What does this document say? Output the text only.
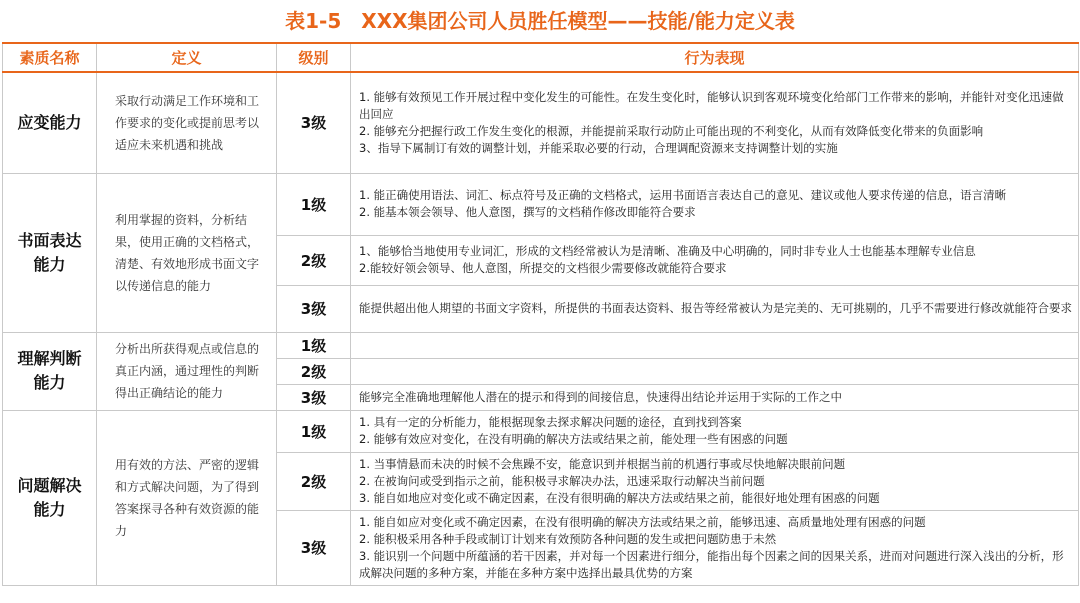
表1-5　XXX集团公司人员胜任模型——技能/能力定义表
素质名称	定义	级别	行为表现
应变能力	采取行动满足工作环境和工作要求的变化或提前思考以适应未来机遇和挑战	3级	1. 能够有效预见工作开展过程中变化发生的可能性。在发生变化时，能够认识到客观环境变化给部门工作带来的影响，并能针对变化迅速做出回应
2. 能够充分把握行政工作发生变化的根源，并能提前采取行动防止可能出现的不利变化，从而有效降低变化带来的负面影响
3、指导下属制订有效的调整计划，并能采取必要的行动，合理调配资源来支持调整计划的实施

书面表达能力	利用掌握的资料，分析结果，使用正确的文档格式，清楚、有效地形成书面文字以传递信息的能力	1级	1. 能正确使用语法、词汇、标点符号及正确的文档格式，运用书面语言表达自己的意见、建议或他人要求传递的信息，语言清晰
2. 能基本领会领导、他人意图，撰写的文档稍作修改即能符合要求

		2级	1、能够恰当地使用专业词汇，形成的文档经常被认为是清晰、准确及中心明确的，同时非专业人士也能基本理解专业信息
2.能较好领会领导、他人意图，所提交的文档很少需要修改就能符合要求

		3级	能提供超出他人期望的书面文字资料，所提供的书面表达资料、报告等经常被认为是完美的、无可挑剔的，几乎不需要进行修改就能符合要求

理解判断能力	分析出所获得观点或信息的真正内涵，通过理性的判断得出正确结论的能力	1级	
		2级	
		3级	能够完全准确地理解他人潜在的提示和得到的间接信息，快速得出结论并运用于实际的工作之中

问题解决能力	用有效的方法、严密的逻辑和方式解决问题，为了得到答案探寻各种有效资源的能力	1级	1. 具有一定的分析能力，能根据现象去探求解决问题的途径，直到找到答案
2. 能够有效应对变化，在没有明确的解决方法或结果之前，能处理一些有困惑的问题

		2级	1. 当事情悬而未决的时候不会焦躁不安，能意识到并根据当前的机遇行事或尽快地解决眼前问题
2. 在被询问或受到指示之前，能积极寻求解决办法，迅速采取行动解决当前问题
3. 能自如地应对变化或不确定因素，在没有很明确的解决方法或结果之前，能很好地处理有困惑的问题

		3级	1. 能自如应对变化或不确定因素，在没有很明确的解决方法或结果之前，能够迅速、高质量地处理有困惑的问题
2. 能积极采用各种手段或制订计划来有效预防各种问题的发生或把问题防患于未然
3. 能识别一个问题中所蕴涵的若干因素，并对每一个因素进行细分，能指出每个因素之间的因果关系，进而对问题进行深入浅出的分析，形成解决问题的多种方案，并能在多种方案中选择出最具优势的方案
